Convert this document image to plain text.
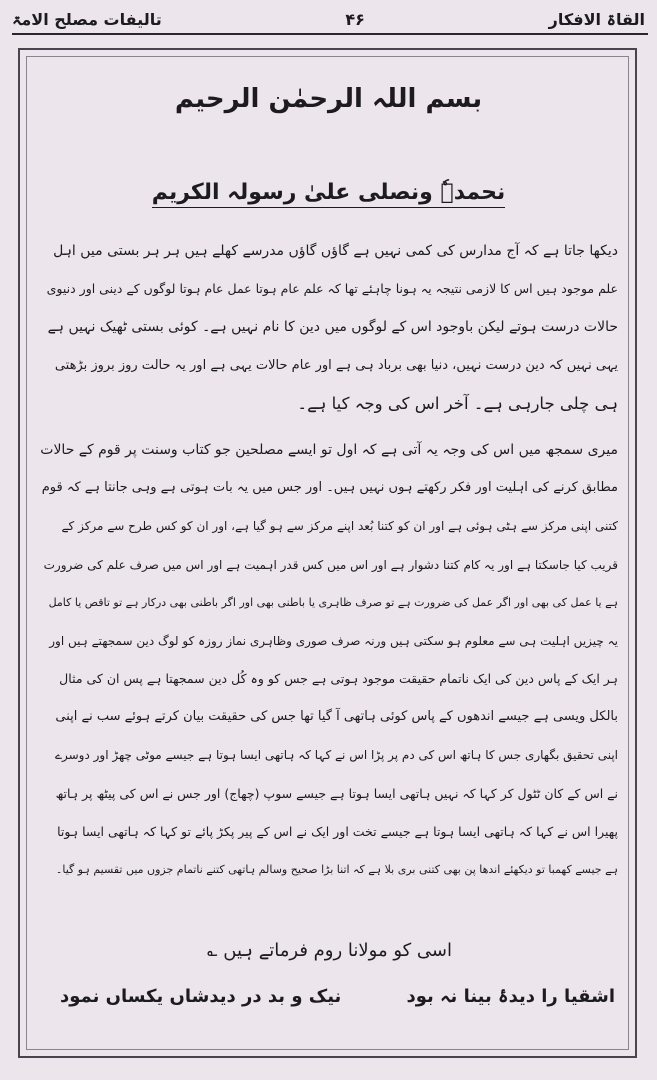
تالیفات مصلح الامۃ	۴۶	القاۃ الافکار
بسم اللہ الرحمٰن الرحیم
نحمدہٗ ونصلی علیٰ رسولہ الکریم
دیکھا جاتا ہے کہ آج مدارس کی کمی نہیں ہے گاؤں گاؤں مدرسے کھلے ہیں ہر ہر بستی میں اہل
علم موجود ہیں اس کا لازمی نتیجہ یہ ہونا چاہئے تھا کہ علم عام ہوتا عمل عام ہوتا لوگوں کے دینی اور دنیوی
حالات درست ہوتے لیکن باوجود اس کے لوگوں میں دین کا نام نہیں ہے۔ کوئی بستی ٹھیک نہیں ہے
یہی نہیں کہ دین درست نہیں، دنیا بھی برباد ہی ہے اور عام حالات یہی ہے اور یہ حالت روز بروز بڑھتی
ہی چلی جارہی ہے۔ آخر اس کی وجہ کیا ہے۔
میری سمجھ میں اس کی وجہ یہ آتی ہے کہ اول تو ایسے مصلحین جو کتاب وسنت پر قوم کے حالات
مطابق کرنے کی اہلیت اور فکر رکھتے ہوں نہیں ہیں۔ اور جس میں یہ بات ہوتی ہے وہی جانتا ہے کہ قوم
کتنی اپنی مرکز سے ہٹی ہوئی ہے اور ان کو کتنا بُعد اپنے مرکز سے ہو گیا ہے، اور ان کو کس طرح سے مرکز کے
قریب کیا جاسکتا ہے اور یہ کام کتنا دشوار ہے اور اس میں کس قدر اہمیت ہے اور اس میں صرف علم کی ضرورت
ہے یا عمل کی بھی اور اگر عمل کی ضرورت ہے تو صرف ظاہری یا باطنی بھی اور اگر باطنی بھی درکار ہے تو تاقص یا کامل
یہ چیزیں اہلیت ہی سے معلوم ہو سکتی ہیں ورنہ صرف صوری وظاہری نماز روزہ کو لوگ دین سمجھتے ہیں اور
ہر ایک کے پاس دین کی ایک ناتمام حقیقت موجود ہوتی ہے جس کو وہ کُل دین سمجھتا ہے پس ان کی مثال
بالکل ویسی ہے جیسے اندھوں کے پاس کوئی ہاتھی آ گیا تھا جس کی حقیقت بیان کرتے ہوئے سب نے اپنی
اپنی تحقیق بگھاری جس کا ہاتھ اس کی دم پر پڑا اس نے کہا کہ ہاتھی ایسا ہوتا ہے جیسے موٹی چھڑ اور دوسرے
نے اس کے کان ٹٹول کر کہا کہ نہیں ہاتھی ایسا ہوتا ہے جیسے سوپ (چھاج) اور جس نے اس کی پیٹھ پر ہاتھ
پھیرا اس نے کہا کہ ہاتھی ایسا ہوتا ہے جیسے تخت اور ایک نے اس کے پیر پکڑ پائے تو کہا کہ ہاتھی ایسا ہوتا
ہے جیسے کھمبا تو دیکھئے اندھا پن بھی کتنی بری بلا ہے کہ اتنا بڑا صحیح وسالم ہاتھی کتنے ناتمام جزوں میں تقسیم ہو گیا۔
اسی کو مولانا روم فرماتے ہیں ؎
اشقیا را دیدۂ بینا نہ بود
نیک و بد در دیدشاں یکساں نمود
